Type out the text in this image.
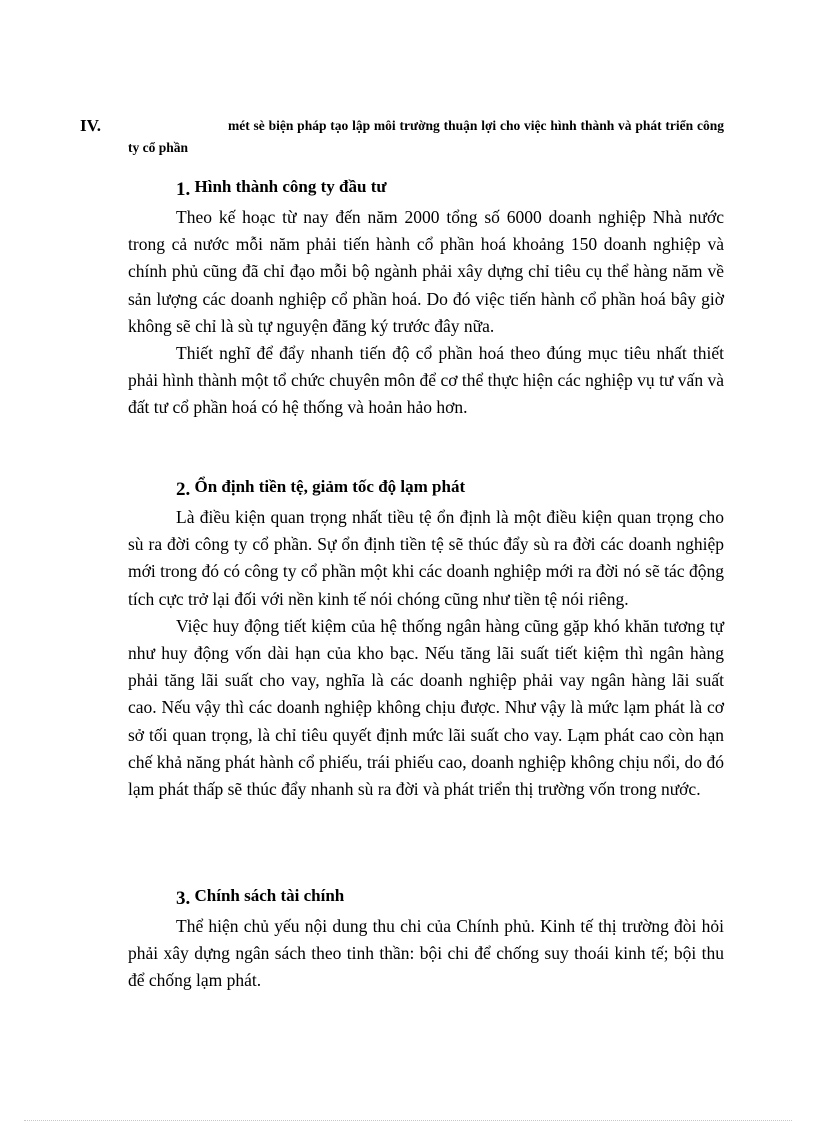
IV.	mét sè biện pháp tạo lập môi trường thuận lợi cho việc hình thành và phát triển công ty cổ phần
1. Hình thành công ty đầu tư

Theo kế hoạc từ nay đến năm 2000 tổng số 6000 doanh nghiệp Nhà nước trong cả nước mỗi năm phải tiến hành cổ phần hoá khoảng 150 doanh nghiệp và chính phủ cũng đã chỉ đạo mỗi bộ ngành phải xây dựng chỉ tiêu cụ thể hàng năm về sản lượng các doanh nghiệp cổ phần hoá. Do đó việc tiến hành cổ phần hoá bây giờ không sẽ chỉ là sù tự nguyện đăng ký trước đây nữa.

Thiết nghĩ để đẩy nhanh tiến độ cổ phần hoá theo đúng mục tiêu nhất thiết phải hình thành một tổ chức chuyên môn để cơ thể thực hiện các nghiệp vụ tư vấn và đất tư cổ phần hoá có hệ thống và hoản hảo hơn.

2. Ổn định tiền tệ, giảm tốc độ lạm phát

Là điều kiện quan trọng nhất tiều tệ ổn định là một điều kiện quan trọng cho sù ra đời công ty cổ phần. Sự ổn định tiền tệ sẽ thúc đẩy sù ra đời các doanh nghiệp mới trong đó có công ty cổ phần một khi các doanh nghiệp mới ra đời nó sẽ tác động tích cực trở lại đối với nền kinh tế nói chóng cũng như tiền tệ nói riêng.

Việc huy động tiết kiệm của hệ thống ngân hàng cũng gặp khó khăn tương tự như huy động vốn dài hạn của kho bạc. Nếu tăng lãi suất tiết kiệm thì ngân hàng phải tăng lãi suất cho vay, nghĩa là các doanh nghiệp phải vay ngân hàng lãi suất cao. Nếu vậy thì các doanh nghiệp không chịu được. Như vậy là mức lạm phát là cơ sở tối quan trọng, là chỉ tiêu quyết định mức lãi suất cho vay. Lạm phát cao còn hạn chế khả năng phát hành cổ phiếu, trái phiếu cao, doanh nghiệp không chịu nổi, do đó lạm phát thấp sẽ thúc đẩy nhanh sù ra đời và phát triển thị trường vốn trong nước.

3. Chính sách tài chính

Thể hiện chủ yếu nội dung thu chi của Chính phủ. Kinh tế thị trường đòi hỏi phải xây dựng ngân sách theo tinh thần: bội chi để chống suy thoái kinh tế; bội thu để chống lạm phát.
